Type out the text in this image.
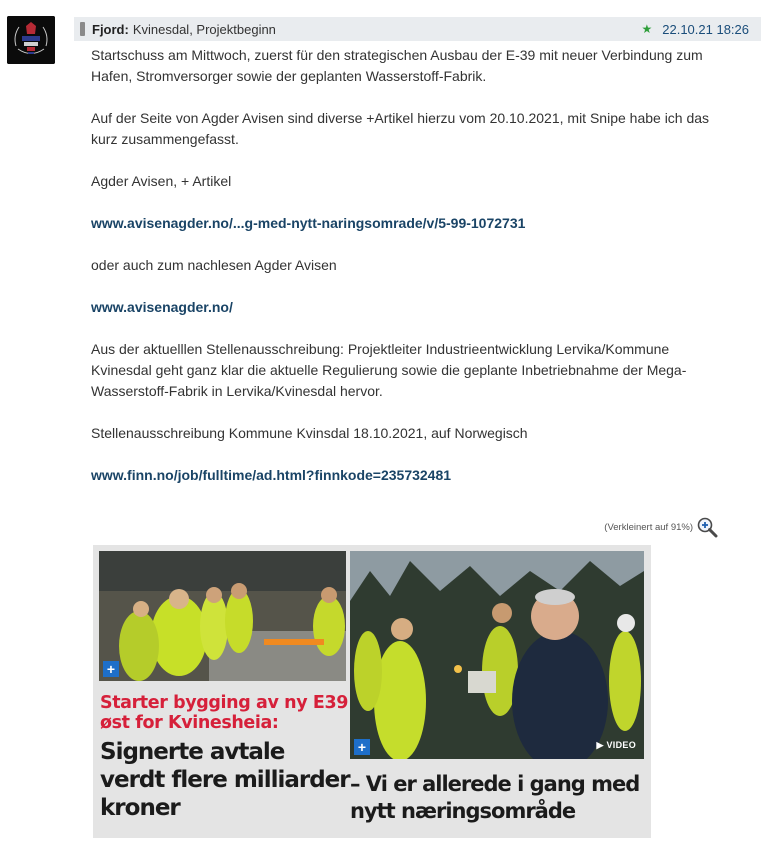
Fjord: Kvinesdal, Projektbeginn	★ 22.10.21 18:26

Startschuss am Mittwoch, zuerst für den strategischen Ausbau der E-39 mit neuer Verbindung zum Hafen, Stromversorger sowie der geplanten Wasserstoff-Fabrik.

Auf der Seite von Agder Avisen sind diverse +Artikel hierzu vom 20.10.2021, mit Snipe habe ich das kurz zusammengefasst.

Agder Avisen, + Artikel

www.avisenagder.no/...g-med-nytt-naringsomrade/v/5-99-1072731

oder auch zum nachlesen Agder Avisen

www.avisenagder.no/

Aus der aktuelllen Stellenausschreibung: Projektleiter Industrieentwicklung Lervika/Kommune Kvinesdal geht ganz klar die aktuelle Regulierung sowie die geplante Inbetriebnahme der Mega-Wasserstoff-Fabrik in Lervika/Kvinesdal hervor.

Stellenausschreibung Kommune Kvinsdal 18.10.2021, auf Norwegisch

www.finn.no/job/fulltime/ad.html?finnkode=235732481

(Verkleinert auf 91%)
+
+	▶ VIDEO
Starter bygging av ny E39 øst for Kvinesheia:
Signerte avtale verdt flere milliarder kroner
– Vi er allerede i gang med nytt næringsområde
